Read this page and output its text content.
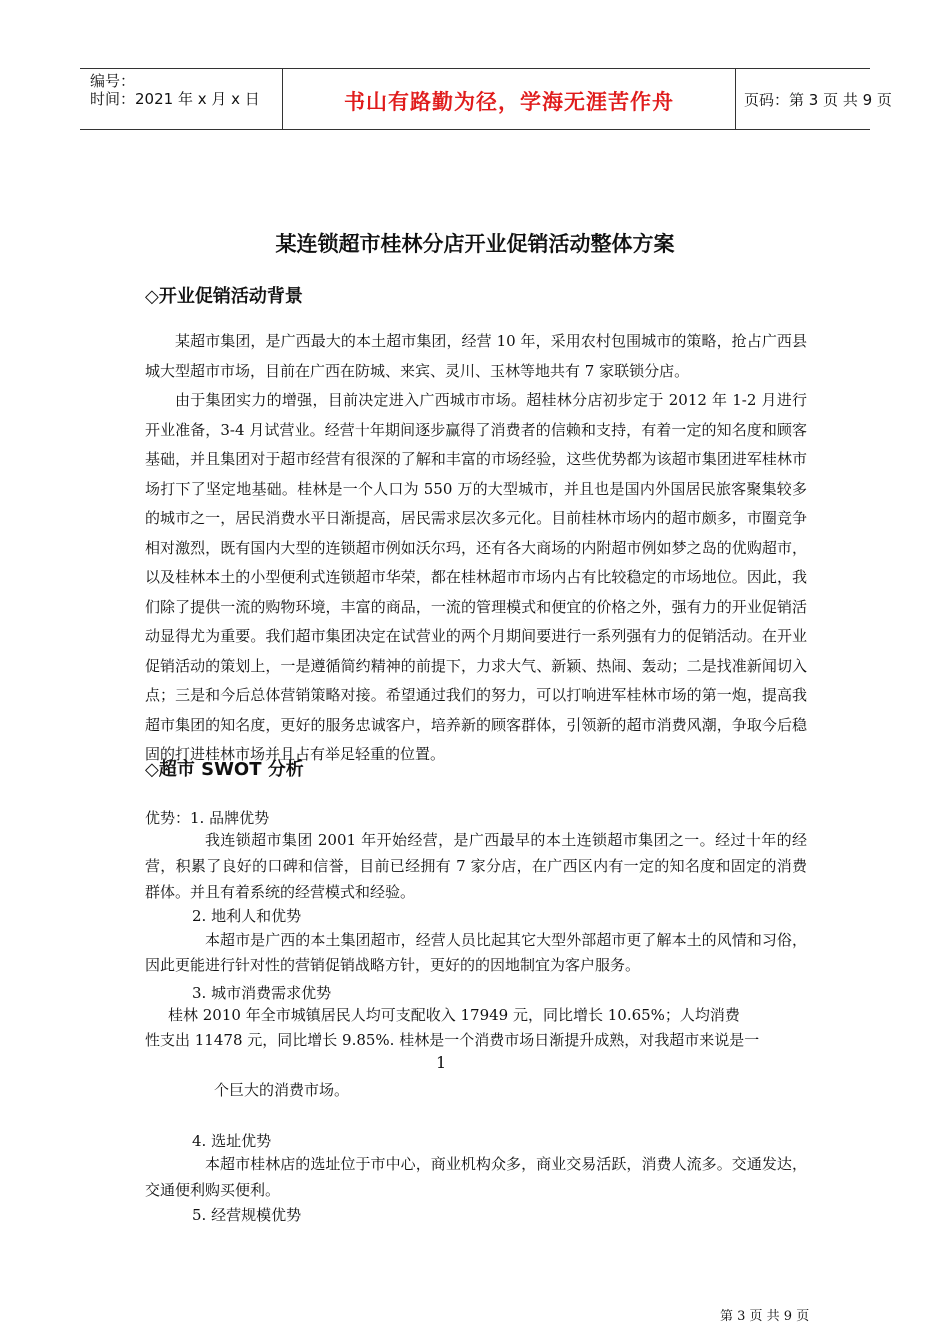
编号：
时间：2021 年 x 月 x 日	书山有路勤为径，学海无涯苦作舟	页码：第 3 页 共 9 页
某连锁超市桂林分店开业促销活动整体方案
◇开业促销活动背景

某超市集团，是广西最大的本土超市集团，经营 10 年，采用农村包围城市的策略，抢占广西县城大型超市市场，目前在广西在防城、来宾、灵川、玉林等地共有 7 家联锁分店。

由于集团实力的增强，目前决定进入广西城市市场。超桂林分店初步定于 2012 年 1-2 月进行开业准备，3-4 月试营业。经营十年期间逐步赢得了消费者的信赖和支持，有着一定的知名度和顾客基础，并且集团对于超市经营有很深的了解和丰富的市场经验，这些优势都为该超市集团进军桂林市场打下了坚定地基础。桂林是一个人口为 550 万的大型城市，并且也是国内外国居民旅客聚集较多的城市之一，居民消费水平日渐提高，居民需求层次多元化。目前桂林市场内的超市颇多，市圈竞争相对激烈，既有国内大型的连锁超市例如沃尔玛，还有各大商场的内附超市例如梦之岛的优购超市，以及桂林本土的小型便利式连锁超市华荣，都在桂林超市市场内占有比较稳定的市场地位。因此，我们除了提供一流的购物环境，丰富的商品，一流的管理模式和便宜的价格之外，强有力的开业促销活动显得尤为重要。我们超市集团决定在试营业的两个月期间要进行一系列强有力的促销活动。在开业促销活动的策划上，一是遵循简约精神的前提下，力求大气、新颖、热闹、轰动；二是找准新闻切入点；三是和今后总体营销策略对接。希望通过我们的努力，可以打响进军桂林市场的第一炮，提高我超市集团的知名度，更好的服务忠诚客户，培养新的顾客群体，引领新的超市消费风潮，争取今后稳固的打进桂林市场并且占有举足轻重的位置。

◇超市 SWOT 分析
优势：1. 品牌优势

我连锁超市集团 2001 年开始经营，是广西最早的本土连锁超市集团之一。经过十年的经营，积累了良好的口碑和信誉，目前已经拥有 7 家分店，在广西区内有一定的知名度和固定的消费群体。并且有着系统的经营模式和经验。

2. 地利人和优势

本超市是广西的本土集团超市，经营人员比起其它大型外部超市更了解本土的风情和习俗，因此更能进行针对性的营销促销战略方针，更好的的因地制宜为客户服务。

3. 城市消费需求优势
桂林 2010 年全市城镇居民人均可支配收入 17949 元，同比增长 10.65%；人均消费
性支出 11478 元，同比增长 9.85%. 桂林是一个消费市场日渐提升成熟，对我超市来说是一
1
个巨大的消费市场。
4. 选址优势

本超市桂林店的选址位于市中心，商业机构众多，商业交易活跃，消费人流多。交通发达，交通便利购买便利。

5. 经营规模优势
第 3 页 共 9 页
